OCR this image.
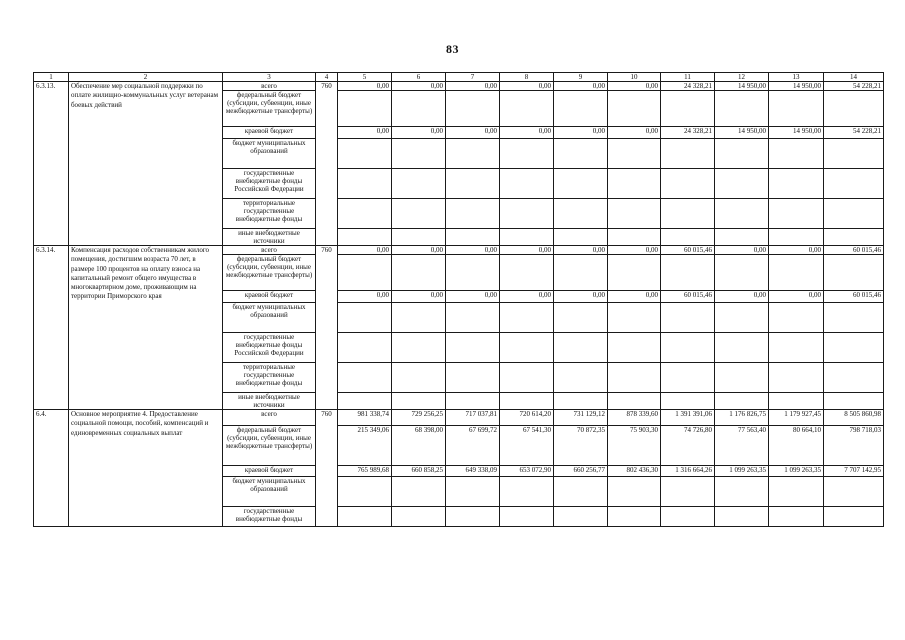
83
1	2	3	4	5	6	7	8	9	10	11	12	13	14
6.3.13.	Обеспечение мер социальной поддержки по оплате жилищно-коммунальных услуг ветеранам боевых действий	всего	760	0,00	0,00	0,00	0,00	0,00	0,00	24 328,21	14 950,00	14 950,00	54 228,21
		федеральный бюджет (субсидии, субвенции, иные межбюджетные трансферты)											
		краевой бюджет		0,00	0,00	0,00	0,00	0,00	0,00	24 328,21	14 950,00	14 950,00	54 228,21
		бюджет муниципальных образований											
		государственные внебюджетные фонды Российской Федерации											
		территориальные государственные внебюджетные фонды											
		иные внебюджетные источники											
6.3.14.	Компенсация расходов собственникам жилого помещения, достигшим возраста 70 лет, в размере 100 процентов на оплату взноса на капитальный ремонт общего имущества в многоквартирном доме, проживающим на территории Приморского края	всего	760	0,00	0,00	0,00	0,00	0,00	0,00	60 015,46	0,00	0,00	60 015,46
		федеральный бюджет (субсидии, субвенции, иные межбюджетные трансферты)											
		краевой бюджет		0,00	0,00	0,00	0,00	0,00	0,00	60 015,46	0,00	0,00	60 015,46
		бюджет муниципальных образований											
		государственные внебюджетные фонды Российской Федерации											
		территориальные государственные внебюджетные фонды											
		иные внебюджетные источники											
6.4.	Основное мероприятие 4. Предоставление социальной помощи, пособий, компенсаций и единовременных социальных выплат	всего	760	981 338,74	729 256,25	717 037,81	720 614,20	731 129,12	878 339,60	1 391 391,06	1 176 826,75	1 179 927,45	8 505 860,98
		федеральный бюджет (субсидии, субвенции, иные межбюджетные трансферты)		215 349,06	68 398,00	67 699,72	67 541,30	70 872,35	75 903,30	74 726,80	77 563,40	80 664,10	798 718,03
		краевой бюджет		765 989,68	660 858,25	649 338,09	653 072,90	660 256,77	802 436,30	1 316 664,26	1 099 263,35	1 099 263,35	7 707 142,95
		бюджет муниципальных образований											
		государственные внебюджетные фонды											
